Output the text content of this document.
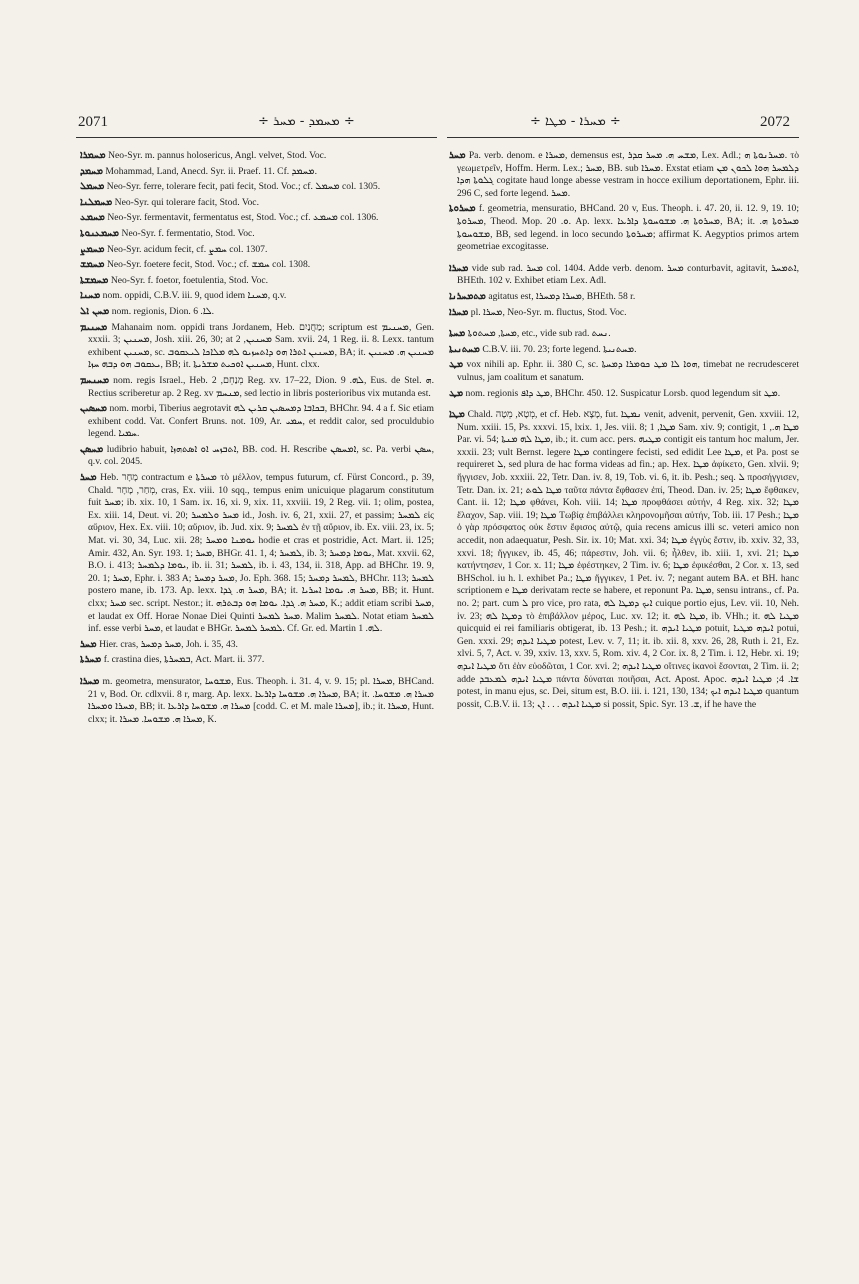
2071	÷ ܡܚܡܕ - ܡܚܪ ÷	÷ ܡܚܪܐ - ܡܛܐ ÷	2072

ܡܚܡܪܐ Neo-Syr. m. pannus holosericus, Angl. velvet, Stod. Voc.

ܡܚܡܕ Mohammad, Land, Anecd. Syr. ii. Praef. 11. Cf. ܡܚܡܕ.

ܡܚܡܠ Neo-Syr. ferre, tolerare fecit, pati fecit, Stod. Voc.; cf. ܡܚܡܠ col. 1305.

ܡܚܡܠܢܐ Neo-Syr. qui tolerare facit, Stod. Voc.

ܡܚܡܥ Neo-Syr. fermentavit, fermentatus est, Stod. Voc.; cf. ܡܚܡܥ col. 1306.

ܡܚܡܥܢܘܬܐ Neo-Syr. f. fermentatio, Stod. Voc.

ܡܚܡܨ Neo-Syr. acidum fecit, cf. ܚܡܨ col. 1307.

ܡܚܡܫ Neo-Syr. foetere fecit, Stod. Voc.; cf. ܚܡܫ col. 1308.

ܡܚܡܫܬܐ Neo-Syr. f. foetor, foetulentia, Stod. Voc.

ܡܚܢܐ nom. oppidi, C.B.V. iii. 9, quod idem ܡܚܢܐ, q.v.

ܡܚܢ ܐܠ nom. regionis, Dion. ܠܐ. 6.

ܡܚܢܝܡ Mahanaim nom. oppidi trans Jordanem, Heb. מַחֲנַיִם; scriptum est ܡܚܢܝܡ, Gen. xxxii. 3; ܡܚܢܝܢ, Josh. xiii. 26, 30; at ܡܚܢܝܢ, 2 Sam. xvii. 24, 1 Reg. ii. 8. Lexx. tantum exhibent ܡܚܢܝܢ, sc. ܡܚܢܝܢ ܐܬܪܐ ܗܘ ܕܐܬܚܙܝܘ ܠܗ ܡܠܐܟܐ ܠܝܥܩܘܒ, BA; it. ܡܚܢܝܢ ܗ. ܡܚܢܝܢ ܝܥܩܘܒ ܗܘ ܕܒܗ ܚܙܐ, BB; it. ܡܚܢܝܢ ܐܘܟܝܬ ܡܫܪܝܬܐ, Hunt. clxx.

ܡܚܢܚܡ nom. regis Israel., Heb. מְנַחֵם, 2 Reg. xv. 17–22, Dion. ܠܗ. 9, Eus. de Stel. ܗ. Rectius scriberetur ap. 2 Reg. xv ܡܢܚܡ, sed lectio in libris posterioribus vix mutanda est.

ܡܚܣܝܢ nom. morbi, Tiberius aegrotavit ܒܟܐܒܐ ܕܡܚܣܝܢ ܩܪܝܢ ܠܗ, BHChr. 94. 4 a f. Sic etiam exhibent codd. Vat. Confert Bruns. not. 109, Ar. ܚܡܝ, et reddit calor, sed proculdubio legend. ܚܡܝܐ.

ܡܚܣܢ ludibrio habuit, ܐܬܒܙܚ ܐܘ ܐܣܬܗܙܐ, BB. cod. H. Rescribe ܐܡܚܣܢ, sc. Pa. verbi ܚܣܢ, q.v. col. 2045.

ܡܚܪ Heb. מָחָר contractum e ܡܚܪܬܐ τὸ μέλλον, tempus futurum, cf. Fürst Concord., p. 39, Chald. מְחַר, מָחָר, cras, Ex. viii. 10 sqq., tempus enim unicuique plagarum constitutum fuit ܡܚܪ; ib. xix. 10, 1 Sam. ix. 16, xi. 9, xix. 11, xxviii. 19, 2 Reg. vii. 1; olim, postea, Ex. xiii. 14, Deut. vi. 20; ܡܚܪ ܘܠܡܚܪ id., Josh. iv. 6, 21, xxii. 27, et passim; ܠܡܚܪ εἰς αὔριον, Hex. Ex. viii. 10; αὔριον, ib. Jud. xix. 9; ܠܡܚܪ ἐν τῇ αὔριον, ib. Ex. viii. 23, ix. 5; Mat. vi. 30, 34, Luc. xii. 28; ܝܘܡܢܐ ܘܡܚܪ hodie et cras et postridie, Act. Mart. ii. 125; Amir. 432, An. Syr. 193. 1; ܡܚܪ, BHGr. 41. 1, 4; ܠܡܚܪ, ib. 3; ܝܘܡܐ ܕܡܚܪ, Mat. xxvii. 62, B.O. i. 413; ܝܘܡܐ ܕܠܡܚܪ, ib. ii. 31; ܠܡܚܪ, ib. i. 43, 134, ii. 318, App. ad BHChr. 19. 9, 20. 1; ܡܚܪ, Ephr. i. 383 A; ܡܚܪ ܕܡܚܪ, Jo. Eph. 368. 15; ܠܡܚܪ ܕܡܚܪ, BHChr. 113; ܠܡܚܪ postero mane, ib. 173. Ap. lexx. ܡܚܪ ܗ. ܓܕܐ, BA; it. ܡܚܪ ܗ. ܝܘܡܐ ܐܚܪܝܐ, BB; it. Hunt. clxx; ܡܚܪ sec. script. Nestor.; it. ܡܚܪ ܗ. ܓܕܐ. ܝܘܡܐ ܗܘ ܕܒܬܪܗ, K.; addit etiam scribi ܡܚܪ, et laudat ex Off. Horae Nonae Diei Quinti ܡܚܪ ܠܡܚܪ. Malim ܠܡܚܪ. Notat etiam ܠܡܚܪ inf. esse verbi ܡܚܪ, et laudat e BHGr. ܠܡܚܪ ܠܡܚܪ. Cf. Gr. ed. Martin ܠܗ. 1.

ܡܚܪ Hier. cras, ܡܚܪ ܕܡܚܪ, Joh. i. 35, 43.

ܡܚܪܬܐ f. crastina dies, ܒܡܚܪܬܐ, Act. Mart. ii. 377.

ܡܚܪܐ m. geometra, mensurator, ܡܫܘܚܐ, Eus. Theoph. i. 31. 4, v. 9. 15; pl. ܡܚܪܐ, BHCand. 21 v, Bod. Or. cdlxvii. 8 r, marg. Ap. lexx. ܡܚܪܐ ܗ. ܡܫܘܚܐ ܕܐܪܥܐ, BA; it. ܡܚܪܐ ܗ. ܡܫܘܚܐ. ܡܚܪܐ ܘܡܚܪܐ, BB; it. ܡܚܪܐ ܗ. ܡܫܘܚܐ ܕܐܪܥܐ [codd. C. et M. male ܡܚܪܐ], ib.; it. ܡܚܪܐ, Hunt. clxx; it. ܡܚܪܐ ܗ. ܡܫܘܚܐ. ܡܚܪܐ, K.

ܡܚܪ Pa. verb. denom. e ܡܚܪܐ, demensus est, ܡܫܚ ܗ. ܡܚܪ ܩܕܪ, Lex. Adl.; ܡܚܪܢܘܬܐ ܗ. τὸ γεωμετρεῖν, Hoffm. Herm. Lex.; ܡܚܪ, BB. sub ܡܚܪܐ. Exstat etiam ܕܠܡܚܪ ܗܘܐ ܠܟܘܢ ܡܢ ܓܠܘܬܐ ܗܕܐ cogitate haud longe abesse vestram in hocce exilium deportationem, Ephr. iii. 296 C, sed forte legend. ܡܚܪ.

ܡܚܪܘܬܐ f. geometria, mensuratio, BHCand. 20 v, Eus. Theoph. i. 47. 20, ii. 12. 9, 19. 10; ܡܚܪܘܬܐ, Theod. Mop. ܘ. 20. Ap. lexx. ܡܚܪܘܬܐ ܗ. ܡܫܘܚܘܬܐ ܕܐܪܥܐ, BA; it. ܡܚܪܘܬܐ ܗ. ܡܫܘܚܘܬܐ, BB, sed legend. in loco secundo ܡܚܪܘܬܐ; affirmat K. Aegyptios primos artem geometriae excogitasse.

ܡܚܪܐ vide sub rad. ܡܚܪ col. 1404. Adde verb. denom. ܡܚܪ conturbavit, agitavit, ܐܬܡܚܪ, BHEth. 102 v. Exhibet etiam Lex. Adl.

ܡܬܡܚܪܢܐ agitatus est, ܡܚܪܐ ܕܡܚܪܐ, BHEth. 58 r.

ܡܚܪܐ pl. ܡܚܪܐ, Neo-Syr. m. fluctus, Stod. Voc.

ܡܚܬܐ ܡܚܬܐ, ܡܚܬܘܬܐ, etc., vide sub rad. ܢܚܬ.

ܡܚܬܢܝܬܐ C.B.V. iii. 70. 23; forte legend. ܡܚܬܢܝܬܐ.

ܡܛ vox nihili ap. Ephr. ii. 380 C, sc. ܗܘܐ ܠܐ ܡܛ ܟܘܡܪܐ ܕܡܚܬܐ, timebat ne recrudesceret vulnus, jam coalitum et sanatum.

ܡܛ nom. regionis ܡܛ ܕܐܦ, BHChr. 450. 12. Suspicatur Lorsb. quod legendum sit ܡܛ.

ܡܛܐ Chald. מְטָא, מְטָה, et cf. Heb. מָצָא, fut. ܢܡܛܐ venit, advenit, pervenit, Gen. xxviii. 12, Num. xxiii. 15, Ps. xxxvi. 15, lxix. 1, Jes. viii. 8; ܡܛܐ, 1 Sam. xiv. 9; contigit, ܡܛܐ ܗ., 1 Par. vi. 54; ܡܛܐ ܠܗ ܡܢܬܐ, ib.; it. cum acc. pers. ܡܛܝܗ contigit eis tantum hoc malum, Jer. xxxii. 23; vult Bernst. legere ܡܛܐ contingere fecisti, sed edidit Lee ܡܛܐ, et Pa. post se requireret ܠ, sed plura de hac forma videas ad fin.; ap. Hex. ܡܛܐ ἀφίκετο, Gen. xlvii. 9; ἤγγισεν, Job. xxxiii. 22, Tetr. Dan. iv. 8, 19, Tob. vi. 6, it. ib. Pesh.; seq. ܠ προσήγγισεν, Tetr. Dan. ix. 21; ܡܛܐ ܠܘܬ ταῦτα πάντα ἔφθασεν ἐπί, Theod. Dan. iv. 25; ܡܛܐ ἔφθακεν, Cant. ii. 12; ܡܛܐ φθάνει, Koh. viii. 14; ܡܛܐ προφθάσει αὐτήν, 4 Reg. xix. 32; ܡܛܐ ἔλαχον, Sap. viii. 19; ܡܛܐ Τωβίᾳ ἐπιβάλλει κληρονομῆσαι αὐτήν, Tob. iii. 17 Pesh.; ܡܛܐ ὁ γὰρ πρόσφατος οὐκ ἔστιν ἔφισος αὐτῷ, quia recens amicus illi sc. veteri amico non accedit, non adaequatur, Pesh. Sir. ix. 10; Mat. xxi. 34; ܡܛܐ ἐγγὺς ἔστιν, ib. xxiv. 32, 33, xxvi. 18; ἤγγικεν, ib. 45, 46; πάρεστιν, Joh. vii. 6; ἦλθεν, ib. xiii. 1, xvi. 21; ܡܛܐ κατήντησεν, 1 Cor. x. 11; ܡܛܐ ἐφέστηκεν, 2 Tim. iv. 6; ܡܛܐ ἐφικέσθαι, 2 Cor. x. 13, sed BHSchol. iu h. l. exhibet Pa.; ܡܛܐ ἤγγικεν, 1 Pet. iv. 7; negant autem BA. et BH. hanc scriptionem e ܡܛܐ derivatam recte se habere, et reponunt Pa. ܡܛܐ, sensu intrans., cf. Pa. no. 2; part. cum ܠ pro vice, pro rata, ܐܝܟ ܕܡܛܐ ܠܗ cuique portio ejus, Lev. vii. 10, Neh. iv. 23; ܕܡܛܐ ܠܗ τὸ ἐπιβάλλον μέρος, Luc. xv. 12; it. ܡܛܐ ܠܗ, ib. VHh.; it. ܡܛܝܐ ܠܗ quicquid ei rei familiaris obtigerat, ib. 13 Pesh.; it. ܡܛܝܐ ܐܝܕܗ potuit, ܐܝܕܗ ܡܛܝܐ potui, Gen. xxxi. 29; ܡܛܝܐ ܐܝܕܗ potest, Lev. v. 7, 11; it. ib. xii. 8, xxv. 26, 28, Ruth i. 21, Ez. xlvi. 5, 7, Act. v. 39, xxiv. 13, xxv. 5, Rom. xiv. 4, 2 Cor. ix. 8, 2 Tim. i. 12, Hebr. xi. 19; ܡܛܝܐ ܐܝܕܗ ὅτι ἐὰν εὐοδῶται, 1 Cor. xvi. 2; ܡܛܝܐ ܐܝܕܗ οἵτινες ἱκανοὶ ἔσονται, 2 Tim. ii. 2; adde ܡܛܝܐ ܐܝܕܗ ܠܡܥܒܕ πάντα δύναται ποιῆσαι, Act. Apost. Apoc. ܫܐ. 4; ܡܛܝܐ ܐܝܕܗ potest, in manu ejus, sc. Dei, situm est, B.O. iii. i. 121, 130, 134; ܡܛܝܐ ܐܝܕܗ ܐܝܟ quantum possit, C.B.V. ii. 13; ܡܛܝܐ ܐܝܕܗ . . . ܐܢ si possit, Spic. Syr. ܫ. 13, if he have the
